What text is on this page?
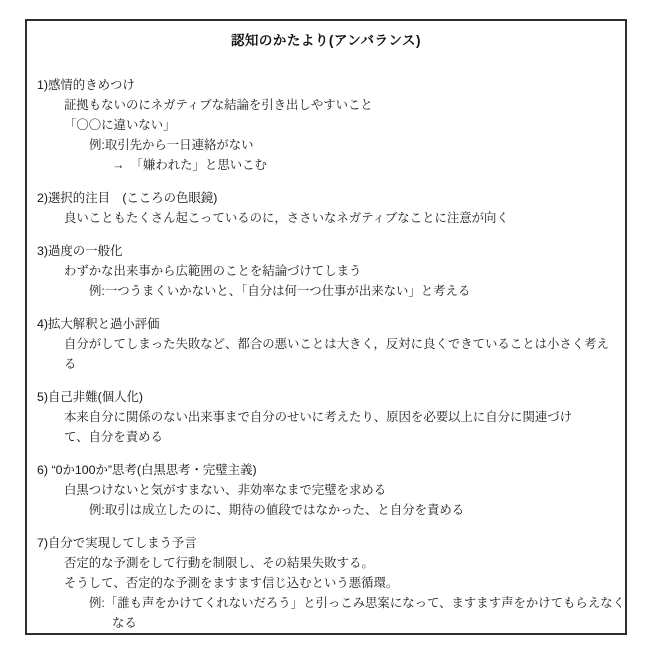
認知のかたより(アンバランス)
1)感情的きめつけ
証拠もないのにネガティブな結論を引き出しやすいこと
「〇〇に違いない」
例:取引先から一日連絡がない
→　「嫌われた」と思いこむ
2)選択的注目　(こころの色眼鏡)
良いこともたくさん起こっているのに，ささいなネガティブなことに注意が向く
3)過度の一般化
わずかな出来事から広範囲のことを結論づけてしまう
例:一つうまくいかないと、「自分は何一つ仕事が出来ない」と考える
4)拡大解釈と過小評価
自分がしてしまった失敗など、都合の悪いことは大きく，反対に良くできていることは小さく考え
る
5)自己非難(個人化)
本来自分に関係のない出来事まで自分のせいに考えたり、原因を必要以上に自分に関連づけ
て、自分を責める
6) “0か100か”思考(白黒思考・完璧主義)
白黒つけないと気がすまない、非効率なまで完璧を求める
例:取引は成立したのに、期待の値段ではなかった、と自分を責める
7)自分で実現してしまう予言
否定的な予測をして行動を制限し、その結果失敗する。
そうして、否定的な予測をますます信じ込むという悪循環。
例:「誰も声をかけてくれないだろう」と引っこみ思案になって、ますます声をかけてもらえなく
なる
